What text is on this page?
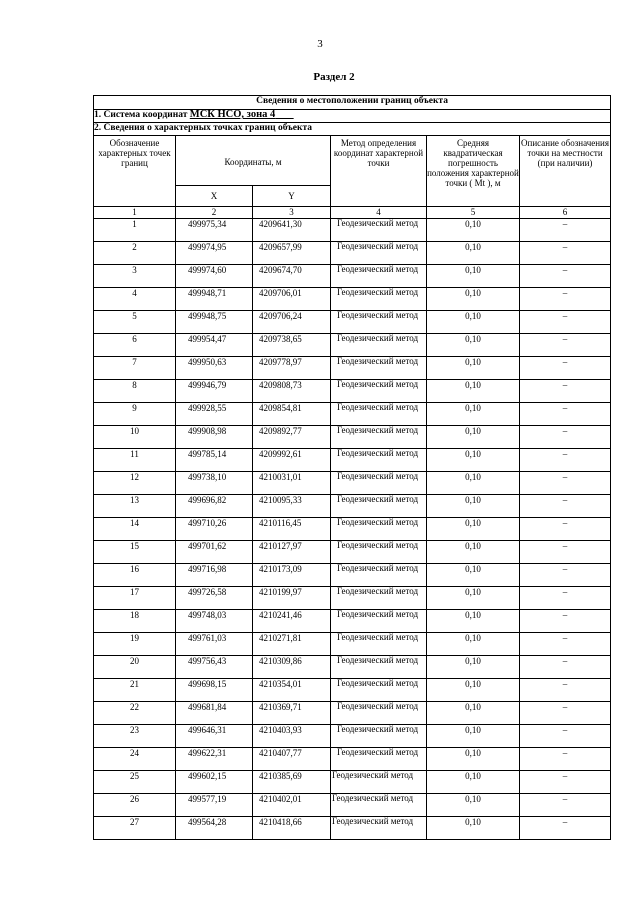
3
Раздел 2
Сведения о местоположении границ объекта					
1. Система координат МСК НСО, зона 4					
2. Сведения о характерных точках границ объекта					
Обозначение характерных точек границ	Координаты, м		Метод определения координат характерной точки	Средняя квадратическая погрешность положения характерной точки ( Mt ), м	Описание обозначения точки на местности (при наличии)
	X	Y			
1	2	3	4	5	6
1	499975,34	4209641,30	Геодезический метод	0,10	–
2	499974,95	4209657,99	Геодезический метод	0,10	–
3	499974,60	4209674,70	Геодезический метод	0,10	–
4	499948,71	4209706,01	Геодезический метод	0,10	–
5	499948,75	4209706,24	Геодезический метод	0,10	–
6	499954,47	4209738,65	Геодезический метод	0,10	–
7	499950,63	4209778,97	Геодезический метод	0,10	–
8	499946,79	4209808,73	Геодезический метод	0,10	–
9	499928,55	4209854,81	Геодезический метод	0,10	–
10	499908,98	4209892,77	Геодезический метод	0,10	–
11	499785,14	4209992,61	Геодезический метод	0,10	–
12	499738,10	4210031,01	Геодезический метод	0,10	–
13	499696,82	4210095,33	Геодезический метод	0,10	–
14	499710,26	4210116,45	Геодезический метод	0,10	–
15	499701,62	4210127,97	Геодезический метод	0,10	–
16	499716,98	4210173,09	Геодезический метод	0,10	–
17	499726,58	4210199,97	Геодезический метод	0,10	–
18	499748,03	4210241,46	Геодезический метод	0,10	–
19	499761,03	4210271,81	Геодезический метод	0,10	–
20	499756,43	4210309,86	Геодезический метод	0,10	–
21	499698,15	4210354,01	Геодезический метод	0,10	–
22	499681,84	4210369,71	Геодезический метод	0,10	–
23	499646,31	4210403,93	Геодезический метод	0,10	–
24	499622,31	4210407,77	Геодезический метод	0,10	–
25	499602,15	4210385,69	Геодезический метод	0,10	–
26	499577,19	4210402,01	Геодезический метод	0,10	–
27	499564,28	4210418,66	Геодезический метод	0,10	–
